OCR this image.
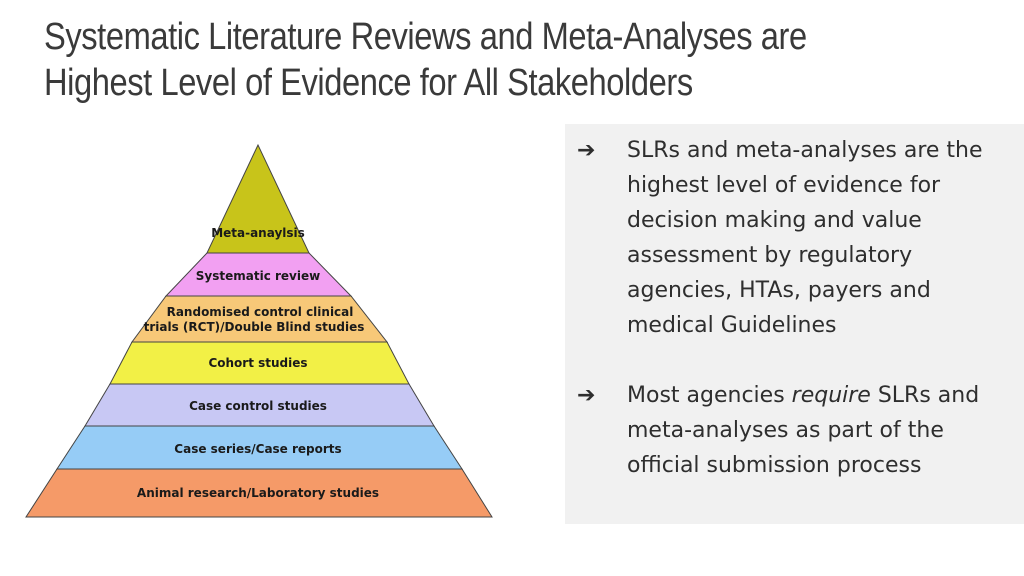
Systematic Literature Reviews and Meta-Analyses are
Highest Level of Evidence for All Stakeholders
Meta-anaylsis
Systematic review
Randomised control clinical
trials (RCT)/Double Blind studies
Cohort studies
Case control studies
Case series/Case reports
Animal research/Laboratory studies
➔	SLRs and meta-analyses are the highest level of evidence for decision making and value assessment by regulatory agencies, HTAs, payers and medical Guidelines
➔	Most agencies require SLRs and meta-analyses as part of the official submission process
